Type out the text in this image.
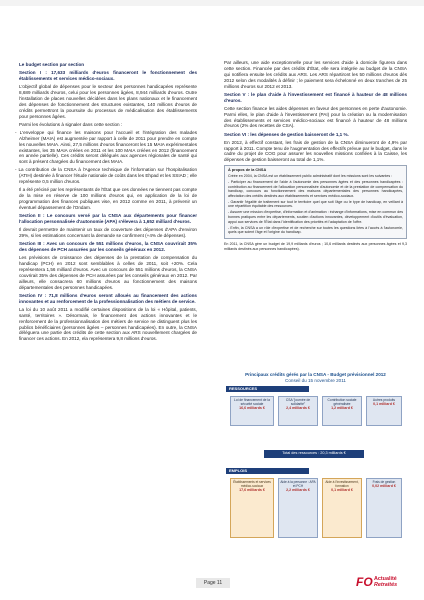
Le budget section par section

Section I : 17,633 milliards d'euros financeront le fonctionnement des établissements et services médico-sociaux.

L'objectif global de dépenses pour le secteur des personnes handicapées représente 8,689 milliards d'euros, celui pour les personnes âgées, 8,944 milliards d'euros. Outre l'installation de places nouvelles décidées dans les plans nationaux et le financement des dépenses de fonctionnement des structures existantes, 140 millions d'euros de crédits permettront la poursuite du processus de médicalisation des établissements pour personnes âgées.

Parmi les évolutions à signaler dans cette section :

- L'enveloppe qui finance les maisons pour l'accueil et l'intégration des malades Alzheimer (MAIA) est augmentée par rapport à celle de 2011 pour prendre en compte les nouvelles MAIA. Ainsi, 27,5 millions d'euros financeront les 15 MAIA expérimentales existantes, les 35 MAIA créées en 2011 et les 100 MAIA créées en 2012 (financement en année partielle). Ces crédits seront délégués aux agences régionales de santé qui sont à présent chargées du financement des MAIA.

- La contribution de la CNSA à l'Agence technique de l'information sur l'hospitalisation (ATIH) destinée à financer l'étude nationale de coûts dans les Ehpad et les SSIAD ; elle représente 0,5 million d'euros.

Il a été précisé par les représentants de l'État que ces données ne tiennent pas compte de la mise en réserve de 100 millions d'euros qui, en application de la loi de programmation des finances publiques vise, en 2012 comme en 2011, à prévenir un éventuel dépassement de l'Ondam.

Section II : Le concours versé par la CNSA aux départements pour financer l'allocation personnalisée d'autonomie (APA) s'élevera à 1,652 milliard d'euros.

Il devrait permettre de maintenir un taux de couverture des dépenses d'APA d'environ 29%, si les estimations concernant la demande se confirment (+4% de dépenses).

Section III : Avec un concours de 551 millions d'euros, la CNSA couvrirait 35% des dépenses de PCH assurées par les conseils généraux en 2012.

Les prévisions de croissance des dépenses de la prestation de compensation du handicap (PCH) en 2012 sont semblables à celles de 2011, soit +20%. Cela représentera 1,56 milliard d'euros. Avec un concours de 551 millions d'euros, la CNSA couvrirait 35% des dépenses de PCH assurées par les conseils généraux en 2012. Par ailleurs, elle consacrera 60 millions d'euros au fonctionnement des maisons départementales des personnes handicapées.

Section IV : 71,8 millions d'euros seront alloués au financement des actions innovantes et au renforcement de la professionnalisation des métiers de service.

La loi du 10 août 2011 a modifié certaines dispositions de la loi « Hôpital, patients, santé, territoires ». Désormais, le financement des actions innovantes et le renforcement de la professionnalisation des métiers de service ne distinguent plus les publics bénéficiaires (personnes âgées – personnes handicapées). En outre, la CNSA déléguera une partie des crédits de cette section aux ARS nouvellement chargées de financer ces actions. En 2012, ela représentera 9,8 millions d'euros.

Par ailleurs, une aide exceptionnelle pour les services d'aide à domicile figurera dans cette section. Financée par des crédits d'État, elle sera intégrée au budget de la CNSA qui notifiera ensuite les crédits aux ARS. Les ARS répartiront les 50 millions d'euros dès 2012 selon des modalités à définir ; le paiement sera échelonné en deux tranches de 25 millions d'euros sur 2012 et 2013.

Section V : le plan d'aide à l'investissement est financé à hauteur de 48 millions d'euros.

Cette section finance les aides dépenses en faveur des personnes en perte d'autonomie. Parmi elles, le plan d'aide à l'investissement (PAI) pour la création ou la modernisation des établissements et services médico-sociaux est financé à hauteur de 48 millions d'euros (2% des recettes de CSA).

Section VI : les dépenses de gestion baisseront de 1,1 %.

En 2012, à effectif constant, les frais de gestion de la CNSA diminueront de 4,9% par rapport à 2011. Compte tenu de l'augmentation des effectifs prévue par le budget, dans le cadre du projet de COG pour assurer les nouvelles missions confiées à la Caisse, les dépenses de gestion baisseront au total de 1,1%.

À propos de la CNSA

Créée en 2004, la CNSA est un établissement public administratif dont les missions sont les suivantes :

- Participer au financement de l'aide à l'autonomie des personnes âgées et des personnes handicapées : contribution au financement de l'allocation personnalisée d'autonomie et de la prestation de compensation du handicap, concours au fonctionnement des maisons départementales des personnes handicapées, affectation des crédits destinés aux établissements et services médico-sociaux.

- Garantir l'égalité de traitement sur tout le territoire quel que soit l'âge ou le type de handicap, en veillant à une répartition équitable des ressources.

- Assurer une mission d'expertise, d'information et d'animation : échange d'informations, mise en commun des bonnes pratiques entre les départements, soutien d'actions innovantes, développement d'outils d'évaluation, appui aux services de l'État dans l'identification des priorités et l'adaptation de l'offre.

- Enfin, la CNSA a un rôle d'expertise et de recherche sur toutes les questions liées à l'accès à l'autonomie, quels que soient l'âge et l'origine du handicap.

En 2011, la CNSA gère un budget de 19,9 milliards d'euros ; 10,6 milliards destinés aux personnes âgées et 9,3 milliards destinés aux personnes handicapées).

Principaux crédits gérés par la CNSA - Budget prévisionnel 2012
Conseil du 15 novembre 2011
RESSOURCES
Loi de financement de la sécurité sociale
16,6 milliards €
CSA "journée de solidarité"
2,4 milliards €
Contribution sociale généralisée
1,2 milliard €
Autres produits
0,1 milliard €
Total des ressources : 20,3 milliards €
EMPLOIS
Établissements et services médico-sociaux
17,6 milliards €
Aide à la personne : APA et PCH
2,2 milliards €
Aide à l'investissement, formation
0,1 milliard €
Frais de gestion
0,02 milliard €
Page 11	FO Actualité
Retraités
